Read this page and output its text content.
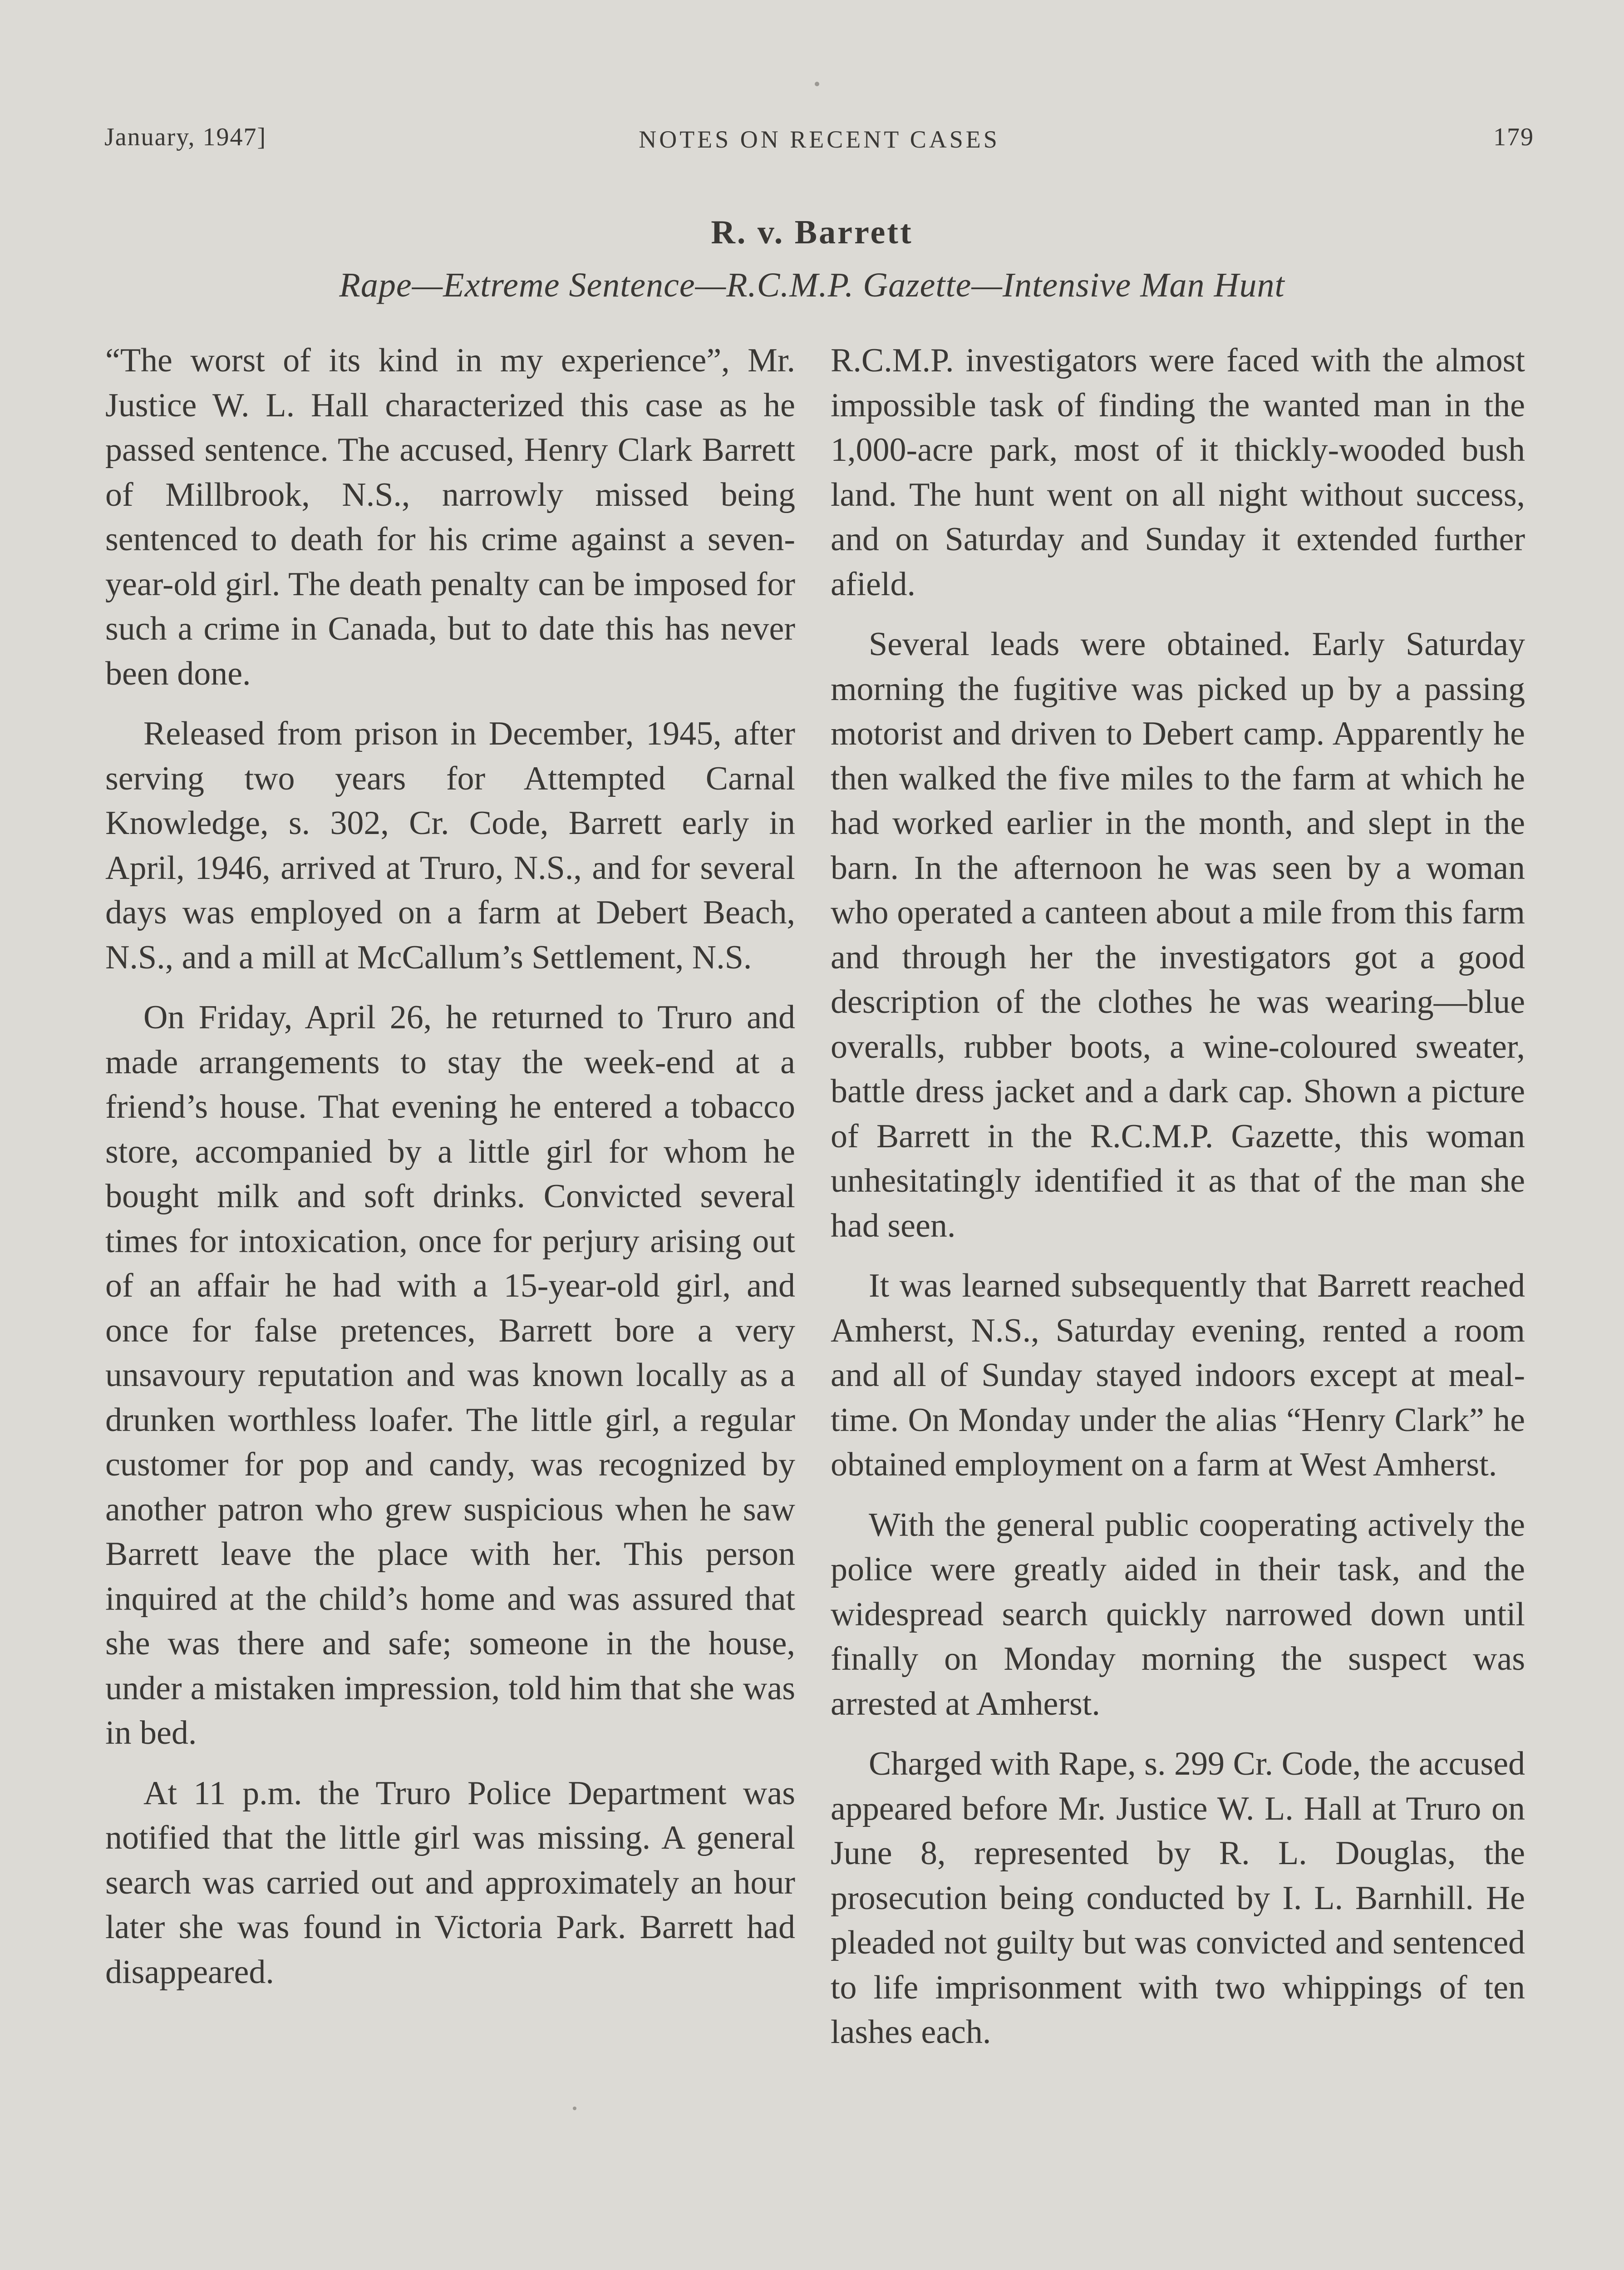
January, 1947]	NOTES ON RECENT CASES	179
R. v. Barrett
Rape—Extreme Sentence—R.C.M.P. Gazette—Intensive Man Hunt

“The worst of its kind in my experience”, Mr. Justice W. L. Hall characterized this case as he passed sentence. The accused, Henry Clark Barrett of Millbrook, N.S., narrowly missed being sentenced to death for his crime against a seven-year-old girl. The death penalty can be imposed for such a crime in Canada, but to date this has never been done.

Released from prison in December, 1945, after serving two years for Attempted Carnal Knowledge, s. 302, Cr. Code, Barrett early in April, 1946, arrived at Truro, N.S., and for several days was employed on a farm at Debert Beach, N.S., and a mill at McCallum’s Settlement, N.S.

On Friday, April 26, he returned to Truro and made arrangements to stay the week-end at a friend’s house. That evening he entered a tobacco store, accompanied by a little girl for whom he bought milk and soft drinks. Convicted several times for intoxication, once for perjury arising out of an affair he had with a 15-year-old girl, and once for false pretences, Barrett bore a very unsavoury reputation and was known locally as a drunken worthless loafer. The little girl, a regular customer for pop and candy, was recognized by another patron who grew suspicious when he saw Barrett leave the place with her. This person inquired at the child’s home and was assured that she was there and safe; someone in the house, under a mistaken impression, told him that she was in bed.

At 11 p.m. the Truro Police Department was notified that the little girl was missing. A general search was carried out and approximately an hour later she was found in Victoria Park. Barrett had disappeared.

R.C.M.P. investigators were faced with the almost impossible task of finding the wanted man in the 1,000-acre park, most of it thickly-wooded bush land. The hunt went on all night without success, and on Saturday and Sunday it extended further afield.

Several leads were obtained. Early Saturday morning the fugitive was picked up by a passing motorist and driven to Debert camp. Apparently he then walked the five miles to the farm at which he had worked earlier in the month, and slept in the barn. In the afternoon he was seen by a woman who operated a canteen about a mile from this farm and through her the investigators got a good description of the clothes he was wearing—blue overalls, rubber boots, a wine-coloured sweater, battle dress jacket and a dark cap. Shown a picture of Barrett in the R.C.M.P. Gazette, this woman unhesitatingly identified it as that of the man she had seen.

It was learned subsequently that Barrett reached Amherst, N.S., Saturday evening, rented a room and all of Sunday stayed indoors except at meal-time. On Monday under the alias “Henry Clark” he obtained employment on a farm at West Amherst.

With the general public cooperating actively the police were greatly aided in their task, and the widespread search quickly narrowed down until finally on Monday morning the suspect was arrested at Amherst.

Charged with Rape, s. 299 Cr. Code, the accused appeared before Mr. Justice W. L. Hall at Truro on June 8, represented by R. L. Douglas, the prosecution being conducted by I. L. Barnhill. He pleaded not guilty but was convicted and sentenced to life imprisonment with two whippings of ten lashes each.
